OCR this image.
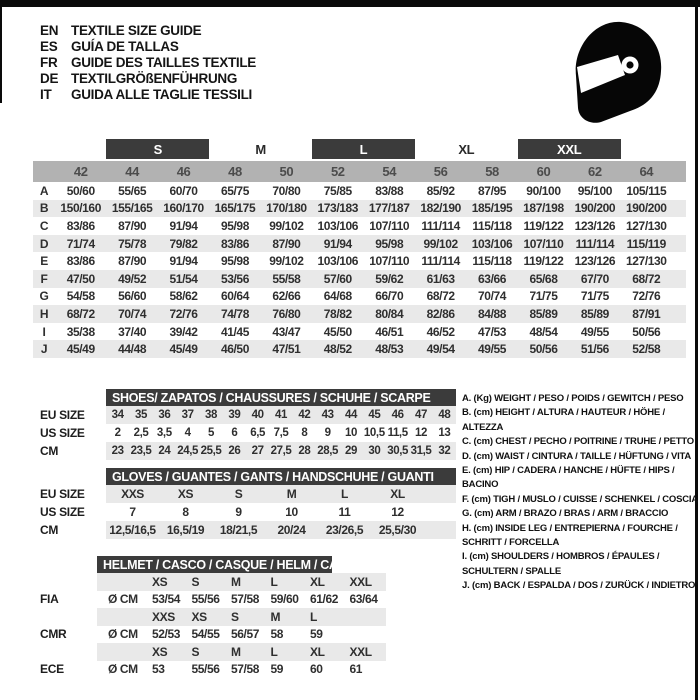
EN TEXTILE SIZE GUIDE
ES	GUÍA DE TALLAS
FR	GUIDE DES TAILLES TEXTILE
DE TEXTILGRÖßENFÜHRUNG
IT	GUIDA ALLE TAGLIE TESSILI
S	M	L	XL	XXL
42	44	46	48	50	52	54	56	58	60	62	64
A	50/60	55/65	60/70	65/75	70/80	75/85	83/88	85/92	87/95	90/100	95/100	105/115
B	150/160 155/165 160/170 165/175 170/180 173/183 177/187 182/190 185/195 187/198 190/200 190/200
C	83/86	87/90	91/94	95/98	99/102	103/106 107/110	111/114	115/118 119/122 123/126 127/130
D	71/74	75/78	79/82	83/86	87/90	91/94	95/98	99/102	103/106 107/110	111/114	115/119
E	83/86	87/90	91/94	95/98	99/102	103/106 107/110	111/114	115/118 119/122 123/126 127/130
F	47/50	49/52	51/54	53/56	55/58	57/60	59/62	61/63	63/66	65/68	67/70	68/72
G	54/58	56/60	58/62	60/64	62/66	64/68	66/70	68/72	70/74	71/75	71/75	72/76
H	68/72	70/74	72/76	74/78	76/80	78/82	80/84	82/86	84/88	85/89	85/89	87/91
I	35/38	37/40	39/42	41/45	43/47	45/50	46/51	46/52	47/53	48/54	49/55	50/56
J	45/49	44/48	45/49	46/50	47/51	48/52	48/53	49/54	49/55	50/56	51/56	52/58
SHOES/ ZAPATOS / CHAUSSURES / SCHUHE / SCARPE
EU SIZE	34 35 36 37 38 39 40 41 42 43 44 45 46 47 48
US SIZE	2	2,5 3,5	4	5	6	6,5 7,5	8	9	10 10,5 11,5 12 13
CM	23 23,5 24 24,5 25,5 26 27 27,5 28 28,5 29 30 30,5 31,5 32
GLOVES / GUANTES / GANTS / HANDSCHUHE / GUANTI
EU SIZE	XXS	XS	S	M	L	XL
US SIZE	7	8	9	10	11	12
CM	12,5/16,5 16,5/19	18/21,5	20/24	23/26,5	25,5/30
HELMET / CASCO / CASQUE / HELM / CASCO
XS	S	M	L	XL	XXL
FIA	Ø CM	53/54 55/56 57/58 59/60 61/62 63/64
XXS	XS	S	M	L
CMR	Ø CM	52/53 54/55 56/57 58	59
XS	S	M	L	XL	XXL
ECE	Ø CM	53	55/56 57/58 59	60	61
A. (Kg) WEIGHT / PESO / POIDS / GEWITCH / PESO
B. (cm) HEIGHT / ALTURA / HAUTEUR / HÖHE / ALTEZZA
C. (cm) CHEST / PECHO / POITRINE / TRUHE / PETTO
D. (cm) WAIST / CINTURA / TAILLE / HÜFTUNG / VITA
E. (cm) HIP / CADERA / HANCHE / HÜFTE / HIPS / BACINO
F. (cm) TIGH / MUSLO / CUISSE / SCHENKEL / COSCIA
G. (cm) ARM / BRAZO / BRAS / ARM / BRACCIO
H. (cm) INSIDE LEG / ENTREPIERNA / FOURCHE / SCHRITT / FORCELLA
I. (cm) SHOULDERS / HOMBROS / ÉPAULES / SCHULTERN / SPALLE
J. (cm) BACK / ESPALDA / DOS / ZURÜCK / INDIETRO
